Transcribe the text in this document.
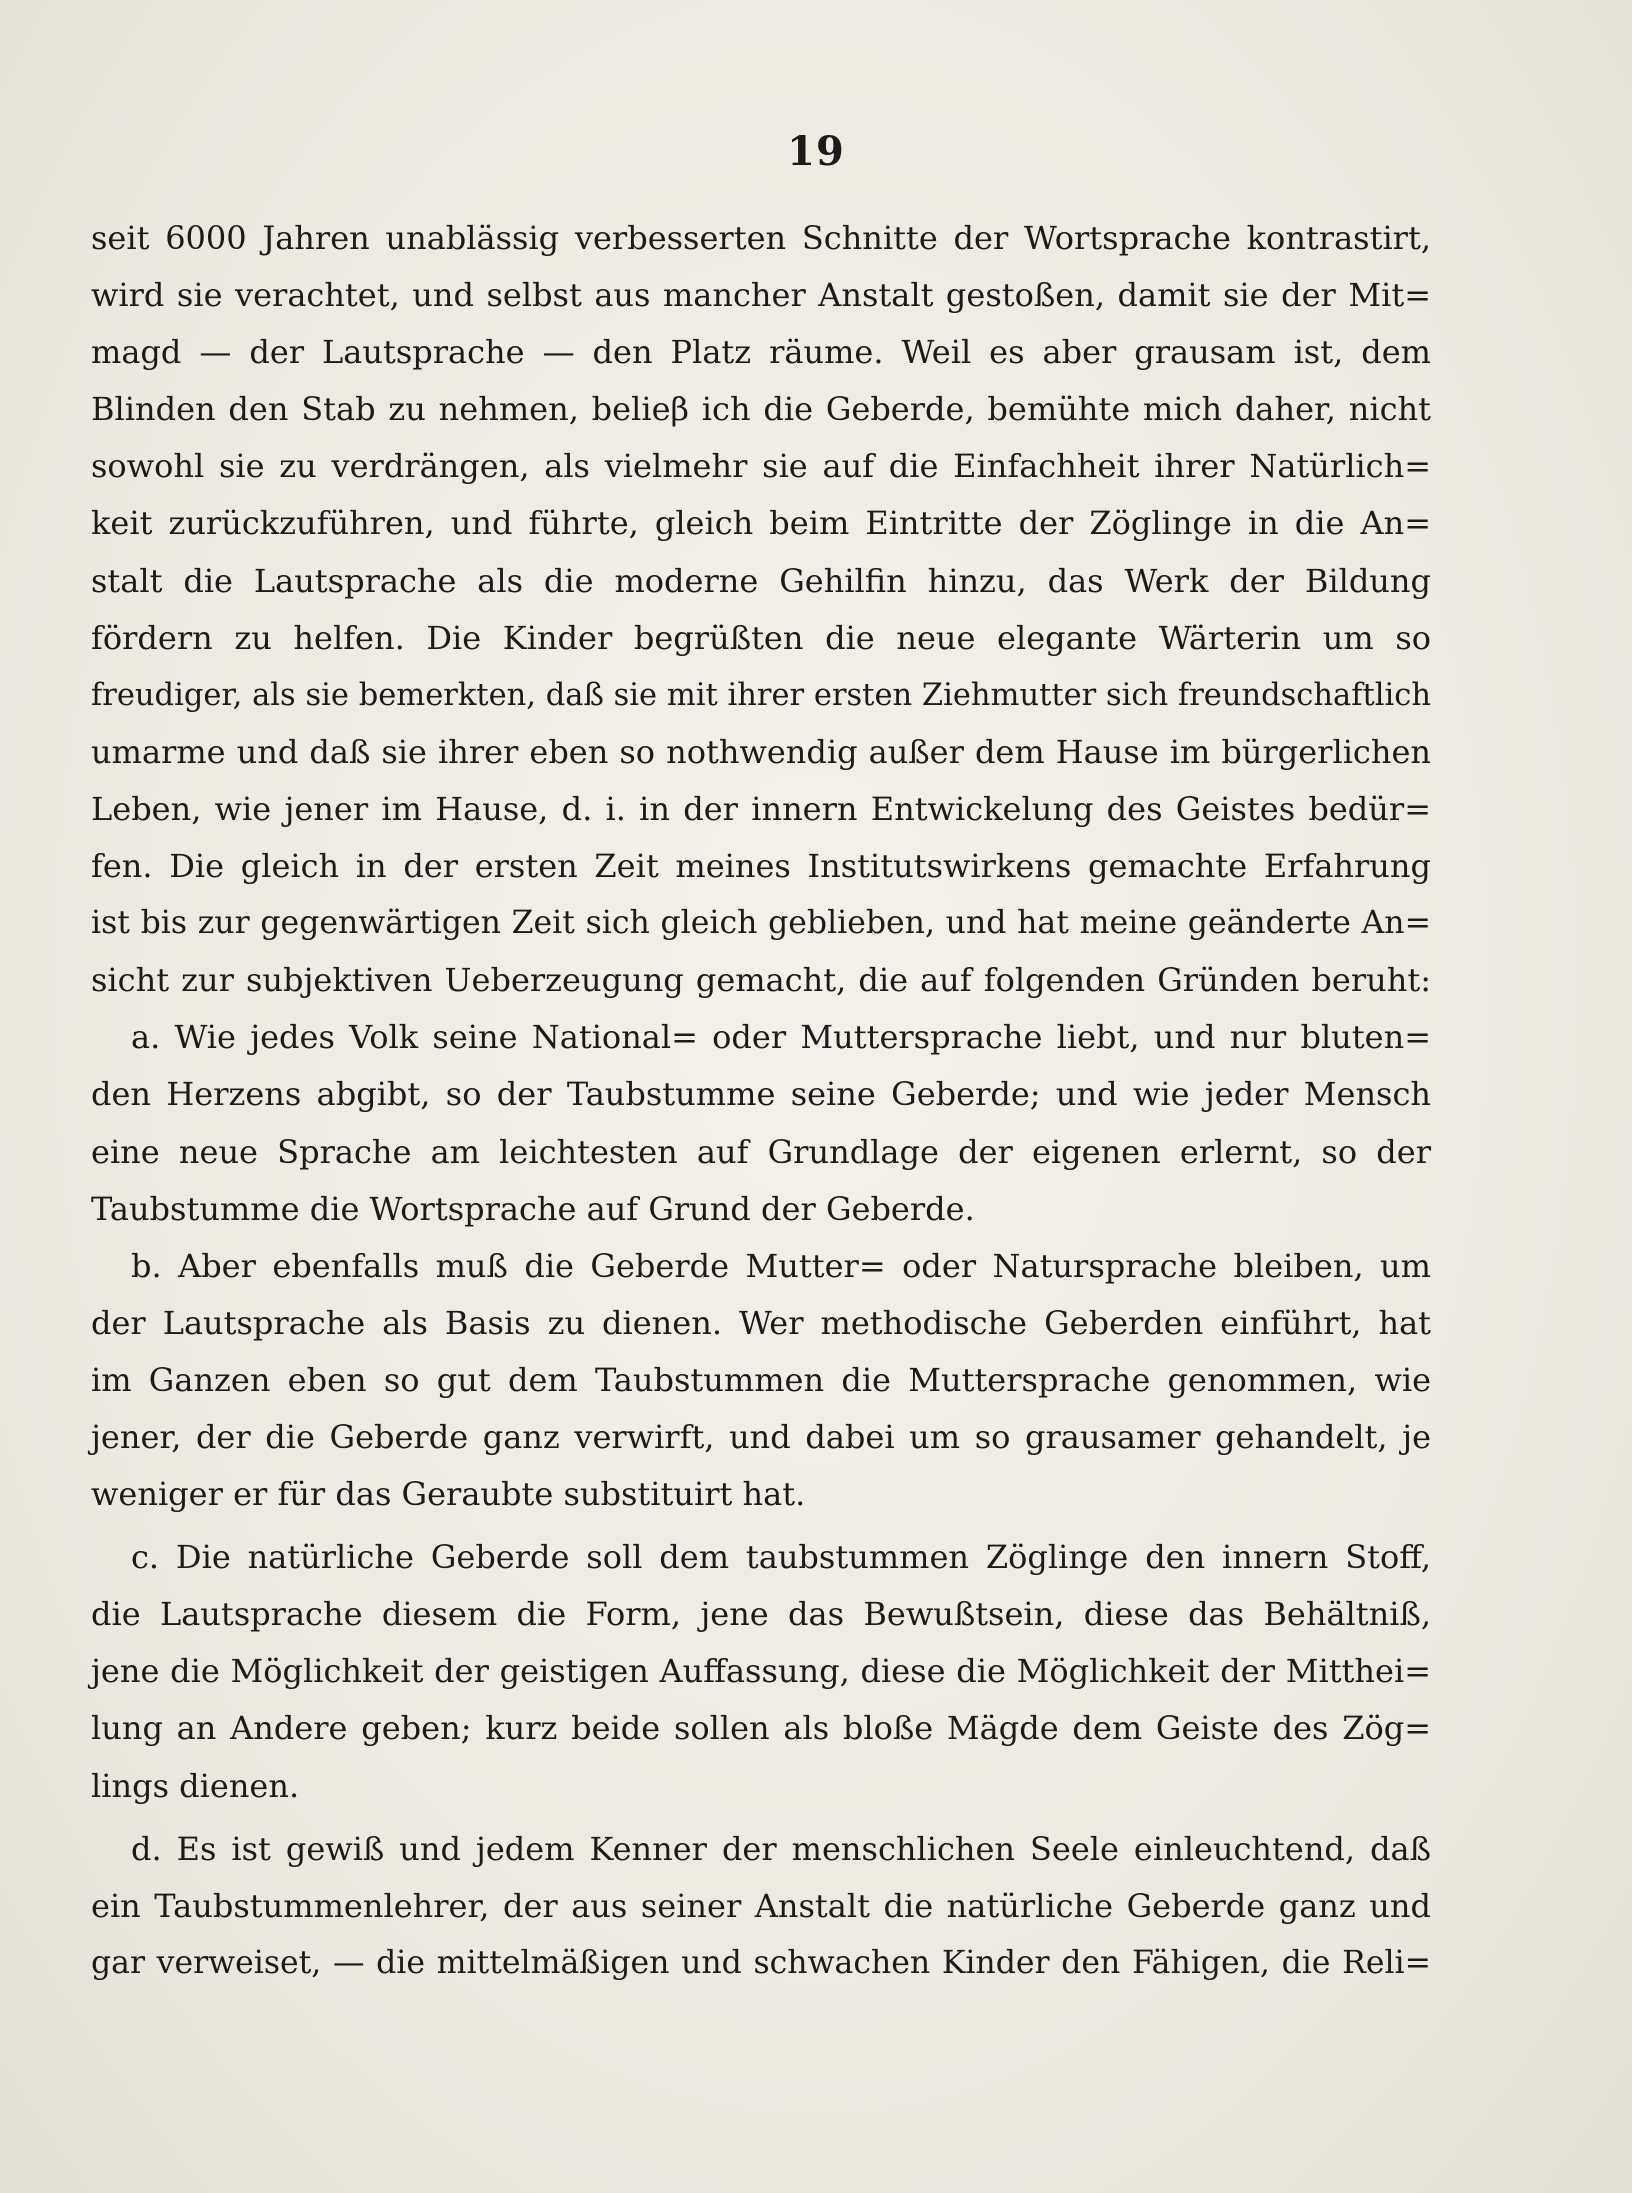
19
seit 6000 Jahren unablässig verbesserten Schnitte der Wortsprache kontrastirt,
wird sie verachtet, und selbst aus mancher Anstalt gestoßen, damit sie der Mit=
magd — der Lautsprache — den Platz räume. Weil es aber grausam ist, dem
Blinden den Stab zu nehmen, belieβ ich die Geberde, bemühte mich daher, nicht
sowohl sie zu verdrängen, als vielmehr sie auf die Einfachheit ihrer Natürlich=
keit zurückzuführen, und führte, gleich beim Eintritte der Zöglinge in die An=
stalt die Lautsprache als die moderne Gehilfin hinzu, das Werk der Bildung
fördern zu helfen. Die Kinder begrüßten die neue elegante Wärterin um so
freudiger, als sie bemerkten, daß sie mit ihrer ersten Ziehmutter sich freundschaftlich
umarme und daß sie ihrer eben so nothwendig außer dem Hause im bürgerlichen
Leben, wie jener im Hause, d. i. in der innern Entwickelung des Geistes bedür=
fen. Die gleich in der ersten Zeit meines Institutswirkens gemachte Erfahrung
ist bis zur gegenwärtigen Zeit sich gleich geblieben, und hat meine geänderte An=
sicht zur subjektiven Ueberzeugung gemacht, die auf folgenden Gründen beruht:
a. Wie jedes Volk seine National= oder Muttersprache liebt, und nur bluten=
den Herzens abgibt, so der Taubstumme seine Geberde; und wie jeder Mensch
eine neue Sprache am leichtesten auf Grundlage der eigenen erlernt, so der
Taubstumme die Wortsprache auf Grund der Geberde.
b. Aber ebenfalls muß die Geberde Mutter= oder Natursprache bleiben, um
der Lautsprache als Basis zu dienen. Wer methodische Geberden einführt, hat
im Ganzen eben so gut dem Taubstummen die Muttersprache genommen, wie
jener, der die Geberde ganz verwirft, und dabei um so grausamer gehandelt, je
weniger er für das Geraubte substituirt hat.
c. Die natürliche Geberde soll dem taubstummen Zöglinge den innern Stoff,
die Lautsprache diesem die Form, jene das Bewußtsein, diese das Behältniß,
jene die Möglichkeit der geistigen Auffassung, diese die Möglichkeit der Mitthei=
lung an Andere geben; kurz beide sollen als bloße Mägde dem Geiste des Zög=
lings dienen.
d. Es ist gewiß und jedem Kenner der menschlichen Seele einleuchtend, daß
ein Taubstummenlehrer, der aus seiner Anstalt die natürliche Geberde ganz und
gar verweiset, — die mittelmäßigen und schwachen Kinder den Fähigen, die Reli=
